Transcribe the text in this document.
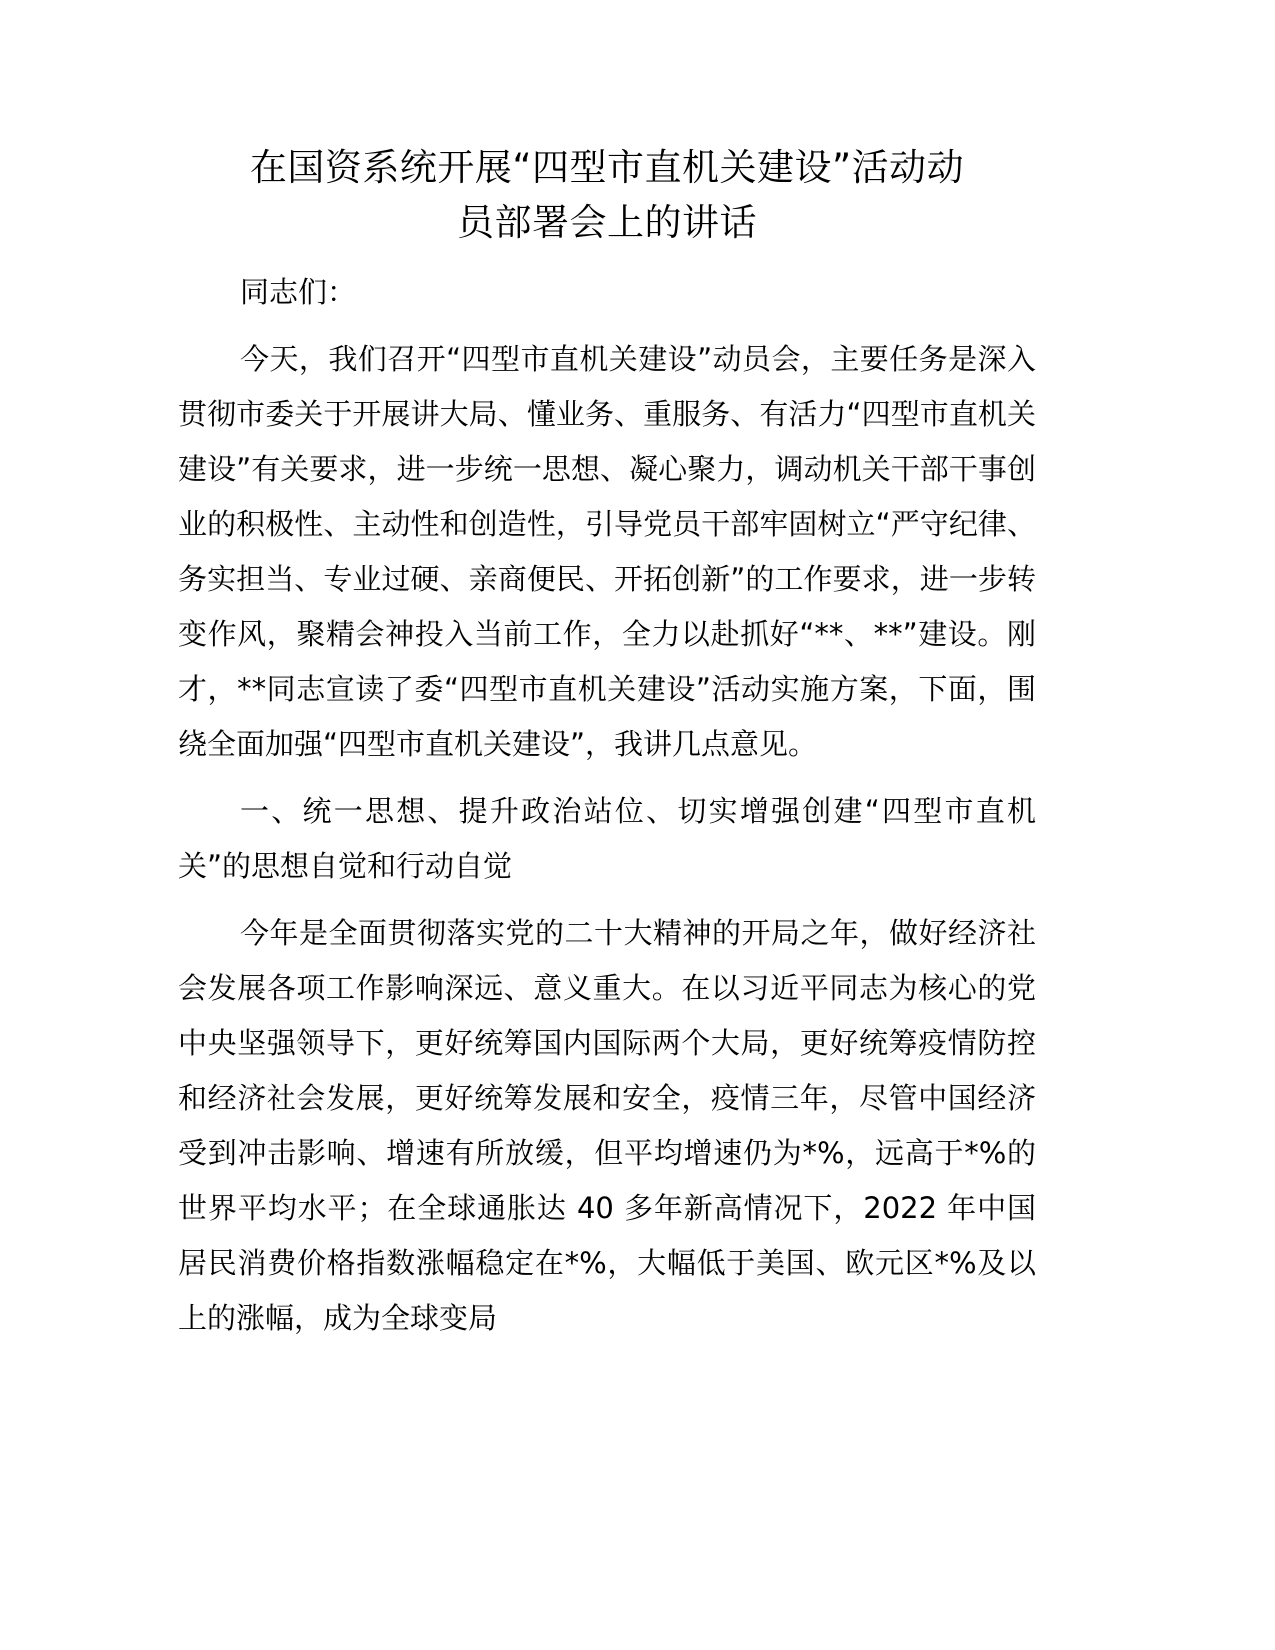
在国资系统开展“四型市直机关建设”活动动
员部署会上的讲话

同志们：

今天，我们召开“四型市直机关建设”动员会，主要任务是深入贯彻市委关于开展讲大局、懂业务、重服务、有活力“四型市直机关建设”有关要求，进一步统一思想、凝心聚力，调动机关干部干事创业的积极性、主动性和创造性，引导党员干部牢固树立“严守纪律、务实担当、专业过硬、亲商便民、开拓创新”的工作要求，进一步转变作风，聚精会神投入当前工作，全力以赴抓好“**、**”建设。刚才，**同志宣读了委“四型市直机关建设”活动实施方案，下面，围绕全面加强“四型市直机关建设”，我讲几点意见。

一、统一思想、提升政治站位、切实增强创建“四型市直机关”的思想自觉和行动自觉

今年是全面贯彻落实党的二十大精神的开局之年，做好经济社会发展各项工作影响深远、意义重大。在以习近平同志为核心的党中央坚强领导下，更好统筹国内国际两个大局，更好统筹疫情防控和经济社会发展，更好统筹发展和安全，疫情三年，尽管中国经济受到冲击影响、增速有所放缓，但平均增速仍为*%，远高于*%的世界平均水平；在全球通胀达 40 多年新高情况下，2022 年中国居民消费价格指数涨幅稳定在*%，大幅低于美国、欧元区*%及以上的涨幅，成为全球变局
